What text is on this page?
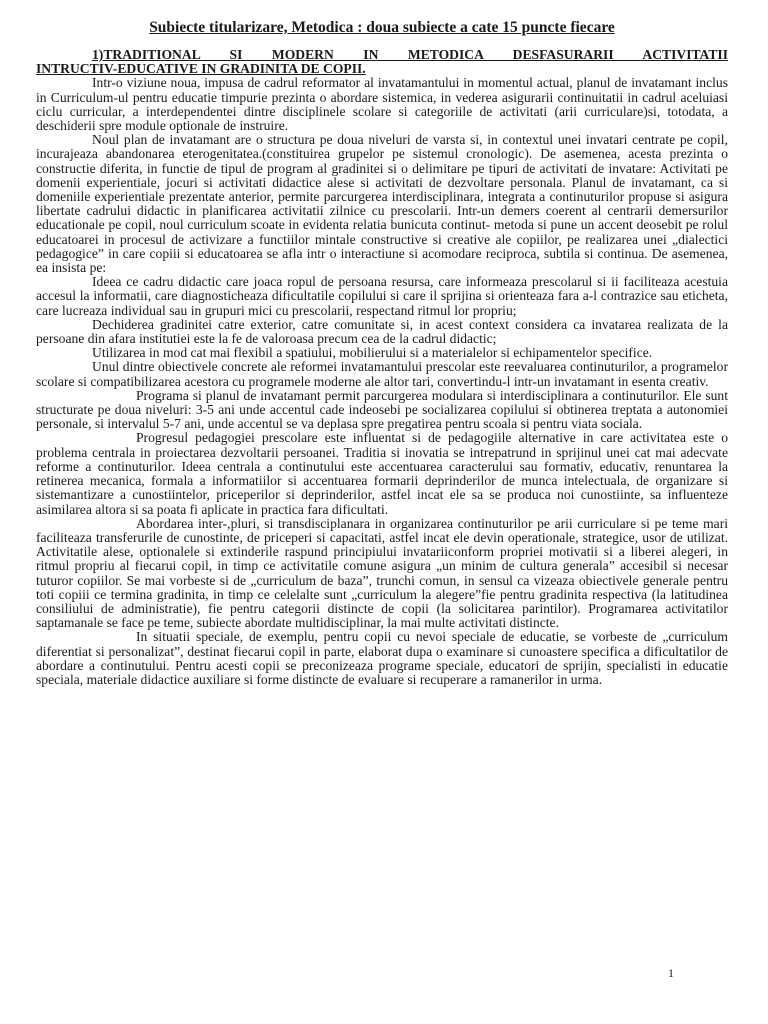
Subiecte titularizare, Metodica : doua subiecte a cate 15 puncte fiecare
1)TRADITIONAL SI MODERN IN METODICA DESFASURARII ACTIVITATII
INTRUCTIV-EDUCATIVE IN GRADINITA DE COPII.

Intr-o viziune noua, impusa de cadrul reformator al invatamantului in momentul actual, planul de invatamant inclus in Curriculum-ul pentru educatie timpurie prezinta o abordare sistemica, in vederea asigurarii continuitatii in cadrul aceluiasi ciclu curricular, a interdependentei dintre disciplinele scolare si categoriile de activitati (arii curriculare)si, totodata, a deschiderii spre module optionale de instruire.

Noul plan de invatamant are o structura pe doua niveluri de varsta si, in contextul unei invatari centrate pe copil, incurajeaza abandonarea eterogenitatea.(constituirea grupelor pe sistemul cronologic). De asemenea, acesta prezinta o constructie diferita, in functie de tipul de program al gradinitei si o delimitare pe tipuri de activitati de invatare: Activitati pe domenii experientiale, jocuri si activitati didactice alese si activitati de dezvoltare personala. Planul de invatamant, ca si domeniile experientiale prezentate anterior, permite parcurgerea interdisciplinara, integrata a continuturilor propuse si asigura libertate cadrului didactic in planificarea activitatii zilnice cu prescolarii. Intr-un demers coerent al centrarii demersurilor educationale pe copil, noul curriculum scoate in evidenta relatia bunicuta continut- metoda si pune un accent deosebit pe rolul educatoarei in procesul de activizare a functiilor mintale constructive si creative ale copiilor, pe realizarea unei „dialectici pedagogice” in care copiii si educatoarea se afla intr o interactiune si acomodare reciproca, subtila si continua. De asemenea, ea insista pe:

Ideea ce cadru didactic care joaca ropul de persoana resursa, care informeaza prescolarul si ii faciliteaza acestuia accesul la informatii, care diagnosticheaza dificultatile copilului si care il sprijina si orienteaza fara a-l contrazice sau eticheta, care lucreaza individual sau in grupuri mici cu prescolarii, respectand ritmul lor propriu;

Dechiderea gradinitei catre exterior, catre comunitate si, in acest context considera ca invatarea realizata de la persoane din afara institutiei este la fe de valoroasa precum cea de la cadrul didactic;

Utilizarea in mod cat mai flexibil a spatiului, mobilierului si a materialelor si echipamentelor specifice.

Unul dintre obiectivele concrete ale reformei invatamantului prescolar este reevaluarea continuturilor, a programelor scolare si compatibilizarea acestora cu programele moderne ale altor tari, convertindu-l intr-un invatamant in esenta creativ.

Programa si planul de invatamant permit parcurgerea modulara si interdisciplinara a continuturilor. Ele sunt structurate pe doua niveluri: 3-5 ani unde accentul cade indeosebi pe socializarea copilului si obtinerea treptata a autonomiei personale, si intervalul 5-7 ani, unde accentul se va deplasa spre pregatirea pentru scoala si pentru viata sociala.

Progresul pedagogiei prescolare este influentat si de pedagogiile alternative in care activitatea este o problema centrala in proiectarea dezvoltarii persoanei. Traditia si inovatia se intrepatrund in sprijinul unei cat mai adecvate reforme a continuturilor. Ideea centrala a continutului este accentuarea caracterului sau formativ, educativ, renuntarea la retinerea mecanica, formala a informatiilor si accentuarea formarii deprinderilor de munca intelectuala, de organizare si sistemantizare a cunostiintelor, priceperilor si deprinderilor, astfel incat ele sa se produca noi cunostiinte, sa influenteze asimilarea altora si sa poata fi aplicate in practica fara dificultati.

Abordarea inter-,pluri, si transdisciplanara in organizarea continuturilor pe arii curriculare si pe teme mari faciliteaza transferurile de cunostinte, de priceperi si capacitati, astfel incat ele devin operationale, strategice, usor de utilizat. Activitatile alese, optionalele si extinderile raspund principiului invatariiconform propriei motivatii si a liberei alegeri, in ritmul propriu al fiecarui copil, in timp ce activitatile comune asigura „un minim de cultura generala” accesibil si necesar tuturor copiilor. Se mai vorbeste si de „curriculum de baza”, trunchi comun, in sensul ca vizeaza obiectivele generale pentru toti copiii ce termina gradinita, in timp ce celelalte sunt „curriculum la alegere”fie pentru gradinita respectiva (la latitudinea consiliului de administratie), fie pentru categorii distincte de copii (la solicitarea parintilor). Programarea activitatilor saptamanale se face pe teme, subiecte abordate multidisciplinar, la mai multe activitati distincte.

In situatii speciale, de exemplu, pentru copii cu nevoi speciale de educatie, se vorbeste de „curriculum diferentiat si personalizat”, destinat fiecarui copil in parte, elaborat dupa o examinare si cunoastere specifica a dificultatilor de abordare a continutului. Pentru acesti copii se preconizeaza programe speciale, educatori de sprijin, specialisti in educatie speciala, materiale didactice auxiliare si forme distincte de evaluare si recuperare a ramanerilor in urma.

1
